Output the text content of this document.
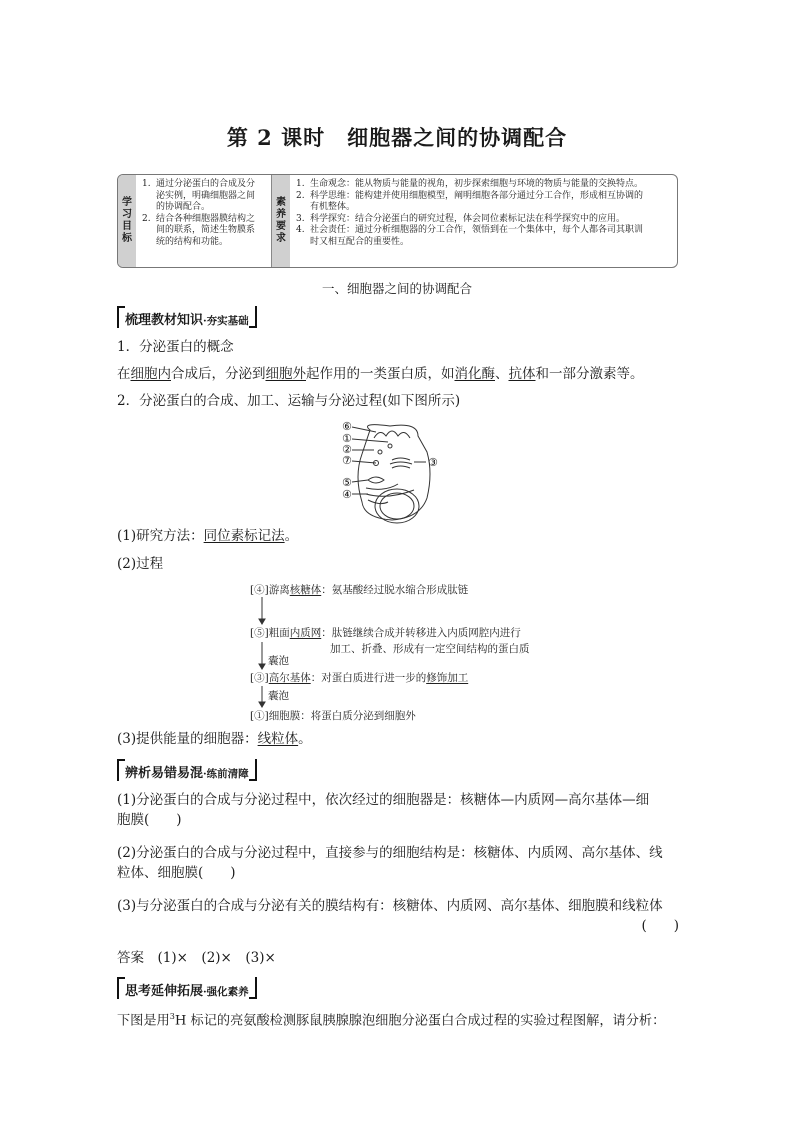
第 2 课时 细胞器之间的协调配合
学
习
目
标
1. 通过分泌蛋白的合成及分
泌实例，明确细胞器之间
的协调配合。
2. 结合各种细胞器膜结构之
间的联系，简述生物膜系
统的结构和功能。
素
养
要
求
1. 生命观念：能从物质与能量的视角，初步探索细胞与环境的物质与能量的交换特点。
2. 科学思维：能构建并使用细胞模型，阐明细胞各部分通过分工合作，形成相互协调的
有机整体。
3. 科学探究：结合分泌蛋白的研究过程，体会同位素标记法在科学探究中的应用。
4. 社会责任：通过分析细胞器的分工合作，领悟到在一个集体中，每个人都各司其职训
时又相互配合的重要性。
一、细胞器之间的协调配合
梳理教材知识·夯实基础
1．分泌蛋白的概念
在细胞内合成后，分泌到细胞外起作用的一类蛋白质，如消化酶、抗体和一部分激素等。
2．分泌蛋白的合成、加工、运输与分泌过程(如下图所示)
⑥
①
②
⑦	③
⑤
④
(1)研究方法：同位素标记法。
(2)过程
[④]游离核糖体：氨基酸经过脱水缩合形成肽链
[⑤]粗面内质网：肽链继续合成并转移进入内质网腔内进行
加工、折叠、形成有一定空间结构的蛋白质
囊泡
[③]高尔基体：对蛋白质进行进一步的修饰加工
囊泡
[①]细胞膜：将蛋白质分泌到细胞外
(3)提供能量的细胞器：线粒体。
辨析易错易混·练前清障
(1)分泌蛋白的合成与分泌过程中，依次经过的细胞器是：核糖体—内质网—高尔基体—细
胞膜(　　)
(2)分泌蛋白的合成与分泌过程中，直接参与的细胞结构是：核糖体、内质网、高尔基体、线
粒体、细胞膜(　　)
(3)与分泌蛋白的合成与分泌有关的膜结构有：核糖体、内质网、高尔基体、细胞膜和线粒体

(　　)
答案　(1)×　(2)×　(3)×
思考延伸拓展·强化素养
下图是用$^3$H 标记的亮氨酸检测豚鼠胰腺腺泡细胞分泌蛋白合成过程的实验过程图解，请分析：
